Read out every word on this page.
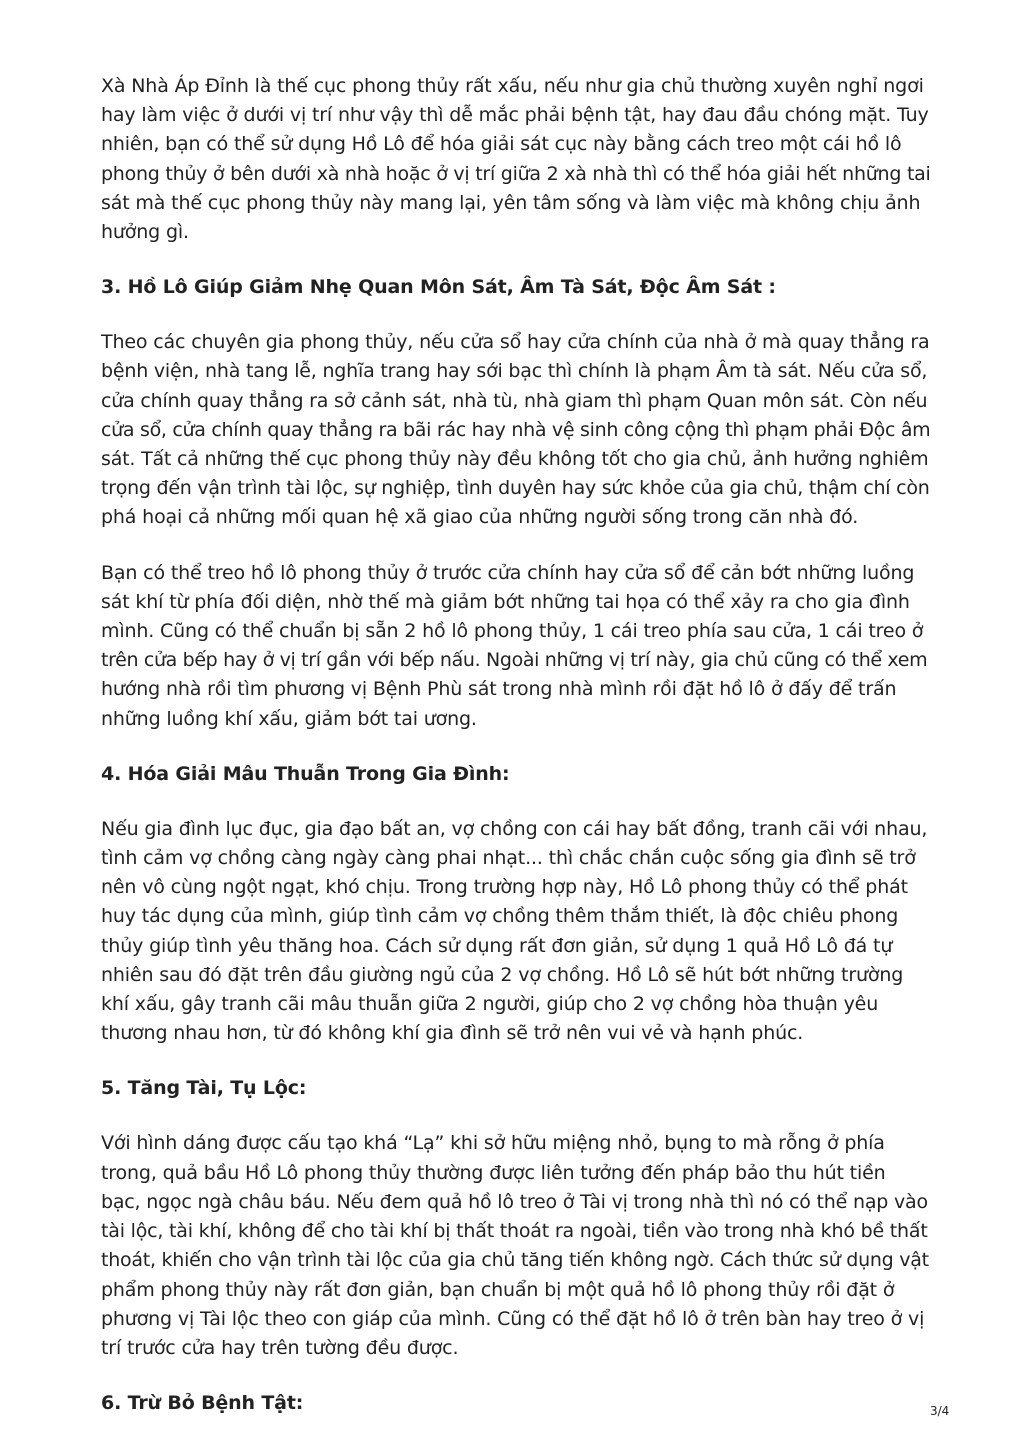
Xà Nhà Áp Đỉnh là thế cục phong thủy rất xấu, nếu như gia chủ thường xuyên nghỉ ngơi
hay làm việc ở dưới vị trí như vậy thì dễ mắc phải bệnh tật, hay đau đầu chóng mặt. Tuy
nhiên, bạn có thể sử dụng Hồ Lô để hóa giải sát cục này bằng cách treo một cái hồ lô
phong thủy ở bên dưới xà nhà hoặc ở vị trí giữa 2 xà nhà thì có thể hóa giải hết những tai
sát mà thế cục phong thủy này mang lại, yên tâm sống và làm việc mà không chịu ảnh
hưởng gì.

3. Hồ Lô Giúp Giảm Nhẹ Quan Môn Sát, Âm Tà Sát, Độc Âm Sát :

Theo các chuyên gia phong thủy, nếu cửa sổ hay cửa chính của nhà ở mà quay thẳng ra
bệnh viện, nhà tang lễ, nghĩa trang hay sới bạc thì chính là phạm Âm tà sát. Nếu cửa sổ,
cửa chính quay thẳng ra sở cảnh sát, nhà tù, nhà giam thì phạm Quan môn sát. Còn nếu
cửa sổ, cửa chính quay thẳng ra bãi rác hay nhà vệ sinh công cộng thì phạm phải Độc âm
sát. Tất cả những thế cục phong thủy này đều không tốt cho gia chủ, ảnh hưởng nghiêm
trọng đến vận trình tài lộc, sự nghiệp, tình duyên hay sức khỏe của gia chủ, thậm chí còn
phá hoại cả những mối quan hệ xã giao của những người sống trong căn nhà đó.

Bạn có thể treo hồ lô phong thủy ở trước cửa chính hay cửa sổ để cản bớt những luồng
sát khí từ phía đối diện, nhờ thế mà giảm bớt những tai họa có thể xảy ra cho gia đình
mình. Cũng có thể chuẩn bị sẵn 2 hồ lô phong thủy, 1 cái treo phía sau cửa, 1 cái treo ở
trên cửa bếp hay ở vị trí gần với bếp nấu. Ngoài những vị trí này, gia chủ cũng có thể xem
hướng nhà rồi tìm phương vị Bệnh Phù sát trong nhà mình rồi đặt hồ lô ở đấy để trấn
những luồng khí xấu, giảm bớt tai ương.

4. Hóa Giải Mâu Thuẫn Trong Gia Đình:

Nếu gia đình lục đục, gia đạo bất an, vợ chồng con cái hay bất đồng, tranh cãi với nhau,
tình cảm vợ chồng càng ngày càng phai nhạt... thì chắc chắn cuộc sống gia đình sẽ trở
nên vô cùng ngột ngạt, khó chịu. Trong trường hợp này, Hồ Lô phong thủy có thể phát
huy tác dụng của mình, giúp tình cảm vợ chồng thêm thắm thiết, là độc chiêu phong
thủy giúp tình yêu thăng hoa. Cách sử dụng rất đơn giản, sử dụng 1 quả Hồ Lô đá tự
nhiên sau đó đặt trên đầu giường ngủ của 2 vợ chồng. Hồ Lô sẽ hút bớt những trường
khí xấu, gây tranh cãi mâu thuẫn giữa 2 người, giúp cho 2 vợ chồng hòa thuận yêu
thương nhau hơn, từ đó không khí gia đình sẽ trở nên vui vẻ và hạnh phúc.

5. Tăng Tài, Tụ Lộc:

Với hình dáng được cấu tạo khá “Lạ” khi sở hữu miệng nhỏ, bụng to mà rỗng ở phía
trong, quả bầu Hồ Lô phong thủy thường được liên tưởng đến pháp bảo thu hút tiền
bạc, ngọc ngà châu báu. Nếu đem quả hồ lô treo ở Tài vị trong nhà thì nó có thể nạp vào
tài lộc, tài khí, không để cho tài khí bị thất thoát ra ngoài, tiền vào trong nhà khó bề thất
thoát, khiến cho vận trình tài lộc của gia chủ tăng tiến không ngờ. Cách thức sử dụng vật
phẩm phong thủy này rất đơn giản, bạn chuẩn bị một quả hồ lô phong thủy rồi đặt ở
phương vị Tài lộc theo con giáp của mình. Cũng có thể đặt hồ lô ở trên bàn hay treo ở vị
trí trước cửa hay trên tường đều được.

6. Trừ Bỏ Bệnh Tật:	3/4
